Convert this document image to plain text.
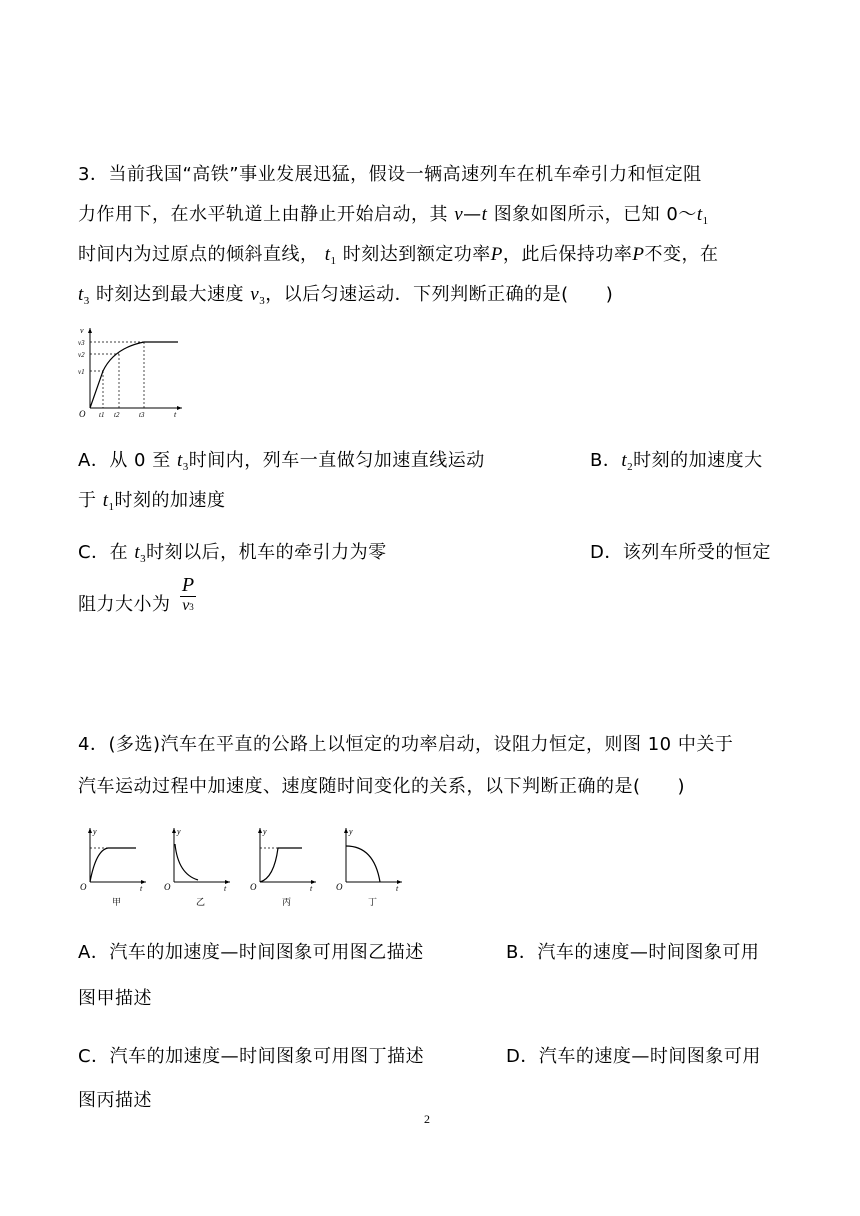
3．当前我国“高铁”事业发展迅猛，假设一辆高速列车在机车牵引力和恒定阻
力作用下，在水平轨道上由静止开始启动，其 v—t 图象如图所示，已知 $0\sim t_1$
时间内为过原点的倾斜直线， $t_1$ 时刻达到额定功率P，此后保持功率P不变，在
$t_3$ 时刻达到最大速度 $v_3$，以后匀速运动．下列判断正确的是(　　)
v
t
O
v3
v2
v1
t1 t2	t3
A．从 0 至 $t_3$时间内，列车一直做匀加速直线运动	B．$t_2$时刻的加速度大
于 $t_1$时刻的加速度
C．在 $t_3$时刻以后，机车的牵引力为零	D．该列车所受的恒定
阻力大小为
P
v3
4．(多选)汽车在平直的公路上以恒定的功率启动，设阻力恒定，则图 10 中关于
汽车运动过程中加速度、速度随时间变化的关系，以下判断正确的是(　　)
y
t
O
甲
y
t
O
乙
y
t
O
丙
y
t
O
丁
A．汽车的加速度—时间图象可用图乙描述	B．汽车的速度—时间图象可用
图甲描述
C．汽车的加速度—时间图象可用图丁描述	D．汽车的速度—时间图象可用
图丙描述
2
